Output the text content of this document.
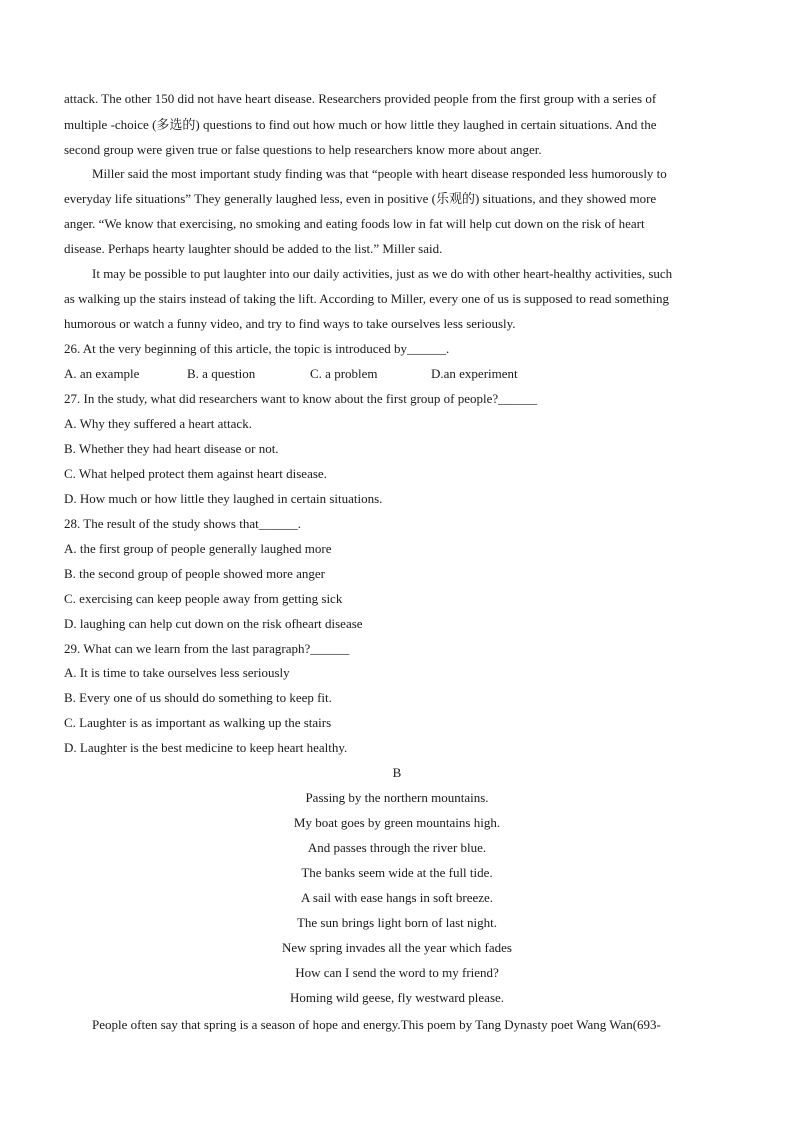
attack. The other 150 did not have heart disease. Researchers provided people from the first group with a series of
multiple -choice (多选的) questions to find out how much or how little they laughed in certain situations. And the
second group were given true or false questions to help researchers know more about anger.
Miller said the most important study finding was that “people with heart disease responded less humorously to
everyday life situations” They generally laughed less, even in positive (乐观的) situations, and they showed more
anger. “We know that exercising, no smoking and eating foods low in fat will help cut down on the risk of heart
disease. Perhaps hearty laughter should be added to the list.” Miller said.
It may be possible to put laughter into our daily activities, just as we do with other heart-healthy activities, such
as walking up the stairs instead of taking the lift. According to Miller, every one of us is supposed to read something
humorous or watch a funny video, and try to find ways to take ourselves less seriously.
26. At the very beginning of this article, the topic is introduced by______.
A. an example	B. a question	C. a problem	D.an experiment
27. In the study, what did researchers want to know about the first group of people?______
A. Why they suffered a heart attack.
B. Whether they had heart disease or not.
C. What helped protect them against heart disease.
D. How much or how little they laughed in certain situations.
28. The result of the study shows that______.
A. the first group of people generally laughed more
B. the second group of people showed more anger
C. exercising can keep people away from getting sick
D. laughing can help cut down on the risk ofheart disease
29. What can we learn from the last paragraph?______
A. It is time to take ourselves less seriously
B. Every one of us should do something to keep fit.
C. Laughter is as important as walking up the stairs
D. Laughter is the best medicine to keep heart healthy.
B
Passing by the northern mountains.
My boat goes by green mountains high.
And passes through the river blue.
The banks seem wide at the full tide.
A sail with ease hangs in soft breeze.
The sun brings light born of last night.
New spring invades all the year which fades
How can I send the word to my friend?
Homing wild geese, fly westward please.
People often say that spring is a season of hope and energy.This poem by Tang Dynasty poet Wang Wan(693-
